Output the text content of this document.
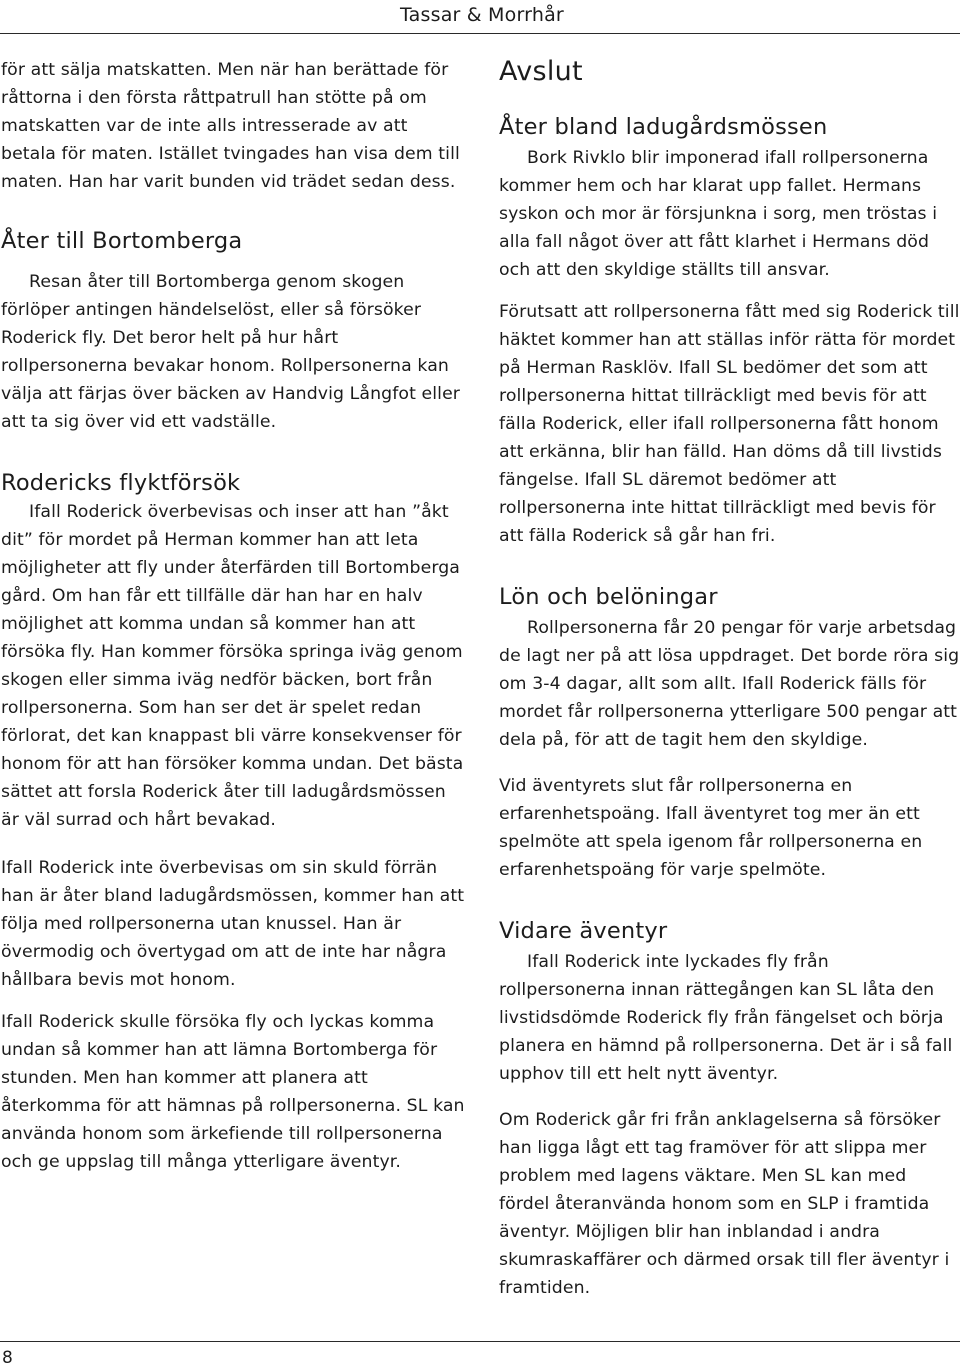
Tassar & Morrhår

för att sälja matskatten. Men när han berättade för råttorna i den första råttpatrull han stötte på om matskatten var de inte alls intresserade av att betala för maten. Istället tvingades han visa dem till maten. Han har varit bunden vid trädet sedan dess.

Åter till Bortomberga

Resan åter till Bortomberga genom skogen förlöper antingen händelselöst, eller så försöker Roderick fly. Det beror helt på hur hårt rollpersonerna bevakar honom. Rollpersonerna kan välja att färjas över bäcken av Handvig Långfot eller att ta sig över vid ett vadställe.

Rodericks flyktförsök

Ifall Roderick överbevisas och inser att han ”åkt dit” för mordet på Herman kommer han att leta möjligheter att fly under återfärden till Bortomberga gård. Om han får ett tillfälle där han har en halv möjlighet att komma undan så kommer han att försöka fly. Han kommer försöka springa iväg genom skogen eller simma iväg nedför bäcken, bort från rollpersonerna. Som han ser det är spelet redan förlorat, det kan knappast bli värre konsekvenser för honom för att han försöker komma undan. Det bästa sättet att forsla Roderick åter till ladugårdsmössen är väl surrad och hårt bevakad.

Ifall Roderick inte överbevisas om sin skuld förrän han är åter bland ladugårdsmössen, kommer han att följa med rollpersonerna utan knussel. Han är övermodig och övertygad om att de inte har några hållbara bevis mot honom.

Ifall Roderick skulle försöka fly och lyckas komma undan så kommer han att lämna Bortomberga för stunden. Men han kommer att planera att återkomma för att hämnas på rollpersonerna. SL kan använda honom som ärkefiende till rollpersonerna och ge uppslag till många ytterligare äventyr.

Avslut
Åter bland ladugårdsmössen

Bork Rivklo blir imponerad ifall rollpersonerna kommer hem och har klarat upp fallet. Hermans syskon och mor är försjunkna i sorg, men tröstas i alla fall något över att fått klarhet i Hermans död och att den skyldige ställts till ansvar.

Förutsatt att rollpersonerna fått med sig Roderick till häktet kommer han att ställas inför rätta för mordet på Herman Rasklöv. Ifall SL bedömer det som att rollpersonerna hittat tillräckligt med bevis för att fälla Roderick, eller ifall rollpersonerna fått honom att erkänna, blir han fälld. Han döms då till livstids fängelse. Ifall SL däremot bedömer att rollpersonerna inte hittat tillräckligt med bevis för att fälla Roderick så går han fri.

Lön och belöningar

Rollpersonerna får 20 pengar för varje arbetsdag de lagt ner på att lösa uppdraget. Det borde röra sig om 3-4 dagar, allt som allt. Ifall Roderick fälls för mordet får rollpersonerna ytterligare 500 pengar att dela på, för att de tagit hem den skyldige.

Vid äventyrets slut får rollpersonerna en erfarenhetspoäng. Ifall äventyret tog mer än ett spelmöte att spela igenom får rollpersonerna en erfarenhetspoäng för varje spelmöte.

Vidare äventyr

Ifall Roderick inte lyckades fly från rollpersonerna innan rättegången kan SL låta den livstidsdömde Roderick fly från fängelset och börja planera en hämnd på rollpersonerna. Det är i så fall upphov till ett helt nytt äventyr.

Om Roderick går fri från anklagelserna så försöker han ligga lågt ett tag framöver för att slippa mer problem med lagens väktare. Men SL kan med fördel återanvända honom som en SLP i framtida äventyr. Möjligen blir han inblandad i andra skumraskaffärer och därmed orsak till fler äventyr i framtiden.

8
